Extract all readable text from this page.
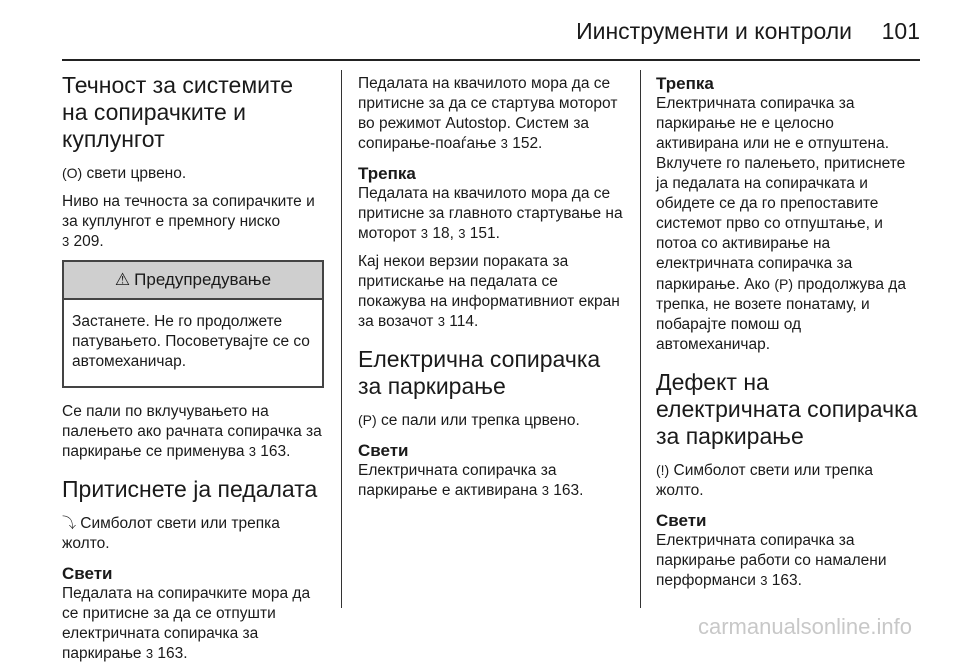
Иинструменти и контроли 101
Течност за системите на сопирачките и куплунгот

(O) свети црвено.

Ниво на течноста за сопирачките и за куплунгот е премногу ниско
3 209.

⚠ Предупредување

Застанете. Не го продолжете патувањето. Посоветувајте се со автомеханичар.

Се пали по вклучувањето на палењето ако рачната сопирачка за паркирање се применува 3 163.

Притиснете ја педалата

⤵ Симболот свети или трепка жолто.

Свети

Педалата на сопирачките мора да се притисне за да се отпушти електричната сопирачка за паркирање 3 163.

Педалата на квачилото мора да се притисне за да се стартува моторот во режимот Autostop. Систем за сопирање-поаѓање 3 152.

Трепка

Педалата на квачилото мора да се притисне за главното стартување на моторот 3 18, 3 151.

Кај некои верзии пораката за притискање на педалата се покажува на информативниот екран за возачот 3 114.

Електрична сопирачка за паркирање

(P) се пали или трепка црвено.

Свети

Електричната сопирачка за паркирање е активирана 3 163.

Трепка

Електричната сопирачка за паркирање не е целосно активирана или не е отпуштена. Вклучете го палењето, притиснете ја педалата на сопирачката и обидете се да го препоставите системот прво со отпуштање, и потоа со активирање на електричната сопирачка за паркирање. Ако (P) продолжува да трепка, не возете понатаму, и побарајте помош од автомеханичар.

Дефект на електричната сопирачка за паркирање

(!) Симболот свети или трепка жолто.

Свети

Електричната сопирачка за паркирање работи со намалени перформанси 3 163.

carmanualsonline.info
